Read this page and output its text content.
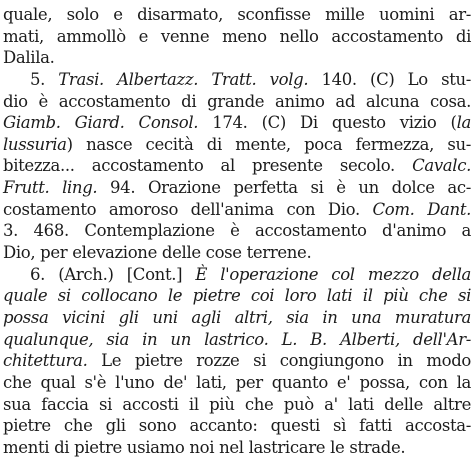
quale, solo e disarmato, sconfisse mille uomini ar-
mati, ammollò e venne meno nello accostamento di
Dalila.
5. Trasi. Albertazz. Tratt. volg. 140. (C) Lo stu-
dio è accostamento di grande animo ad alcuna cosa.
Giamb. Giard. Consol. 174. (C) Di questo vizio (la
lussuria) nasce cecità di mente, poca fermezza, su-
bitezza... accostamento al presente secolo. Cavalc.
Frutt. ling. 94. Orazione perfetta si è un dolce ac-
costamento amoroso dell'anima con Dio. Com. Dant.
3. 468. Contemplazione è accostamento d'animo a
Dio, per elevazione delle cose terrene.
6. (Arch.) [Cont.] È l'operazione col mezzo della
quale si collocano le pietre coi loro lati il più che si
possa vicini gli uni agli altri, sia in una muratura
qualunque, sia in un lastrico. L. B. Alberti, dell'Ar-
chitettura. Le pietre rozze si congiungono in modo
che qual s'è l'uno de' lati, per quanto e' possa, con la
sua faccia si accosti il più che può a' lati delle altre
pietre che gli sono accanto: questi sì fatti accosta-
menti di pietre usiamo noi nel lastricare le strade.
